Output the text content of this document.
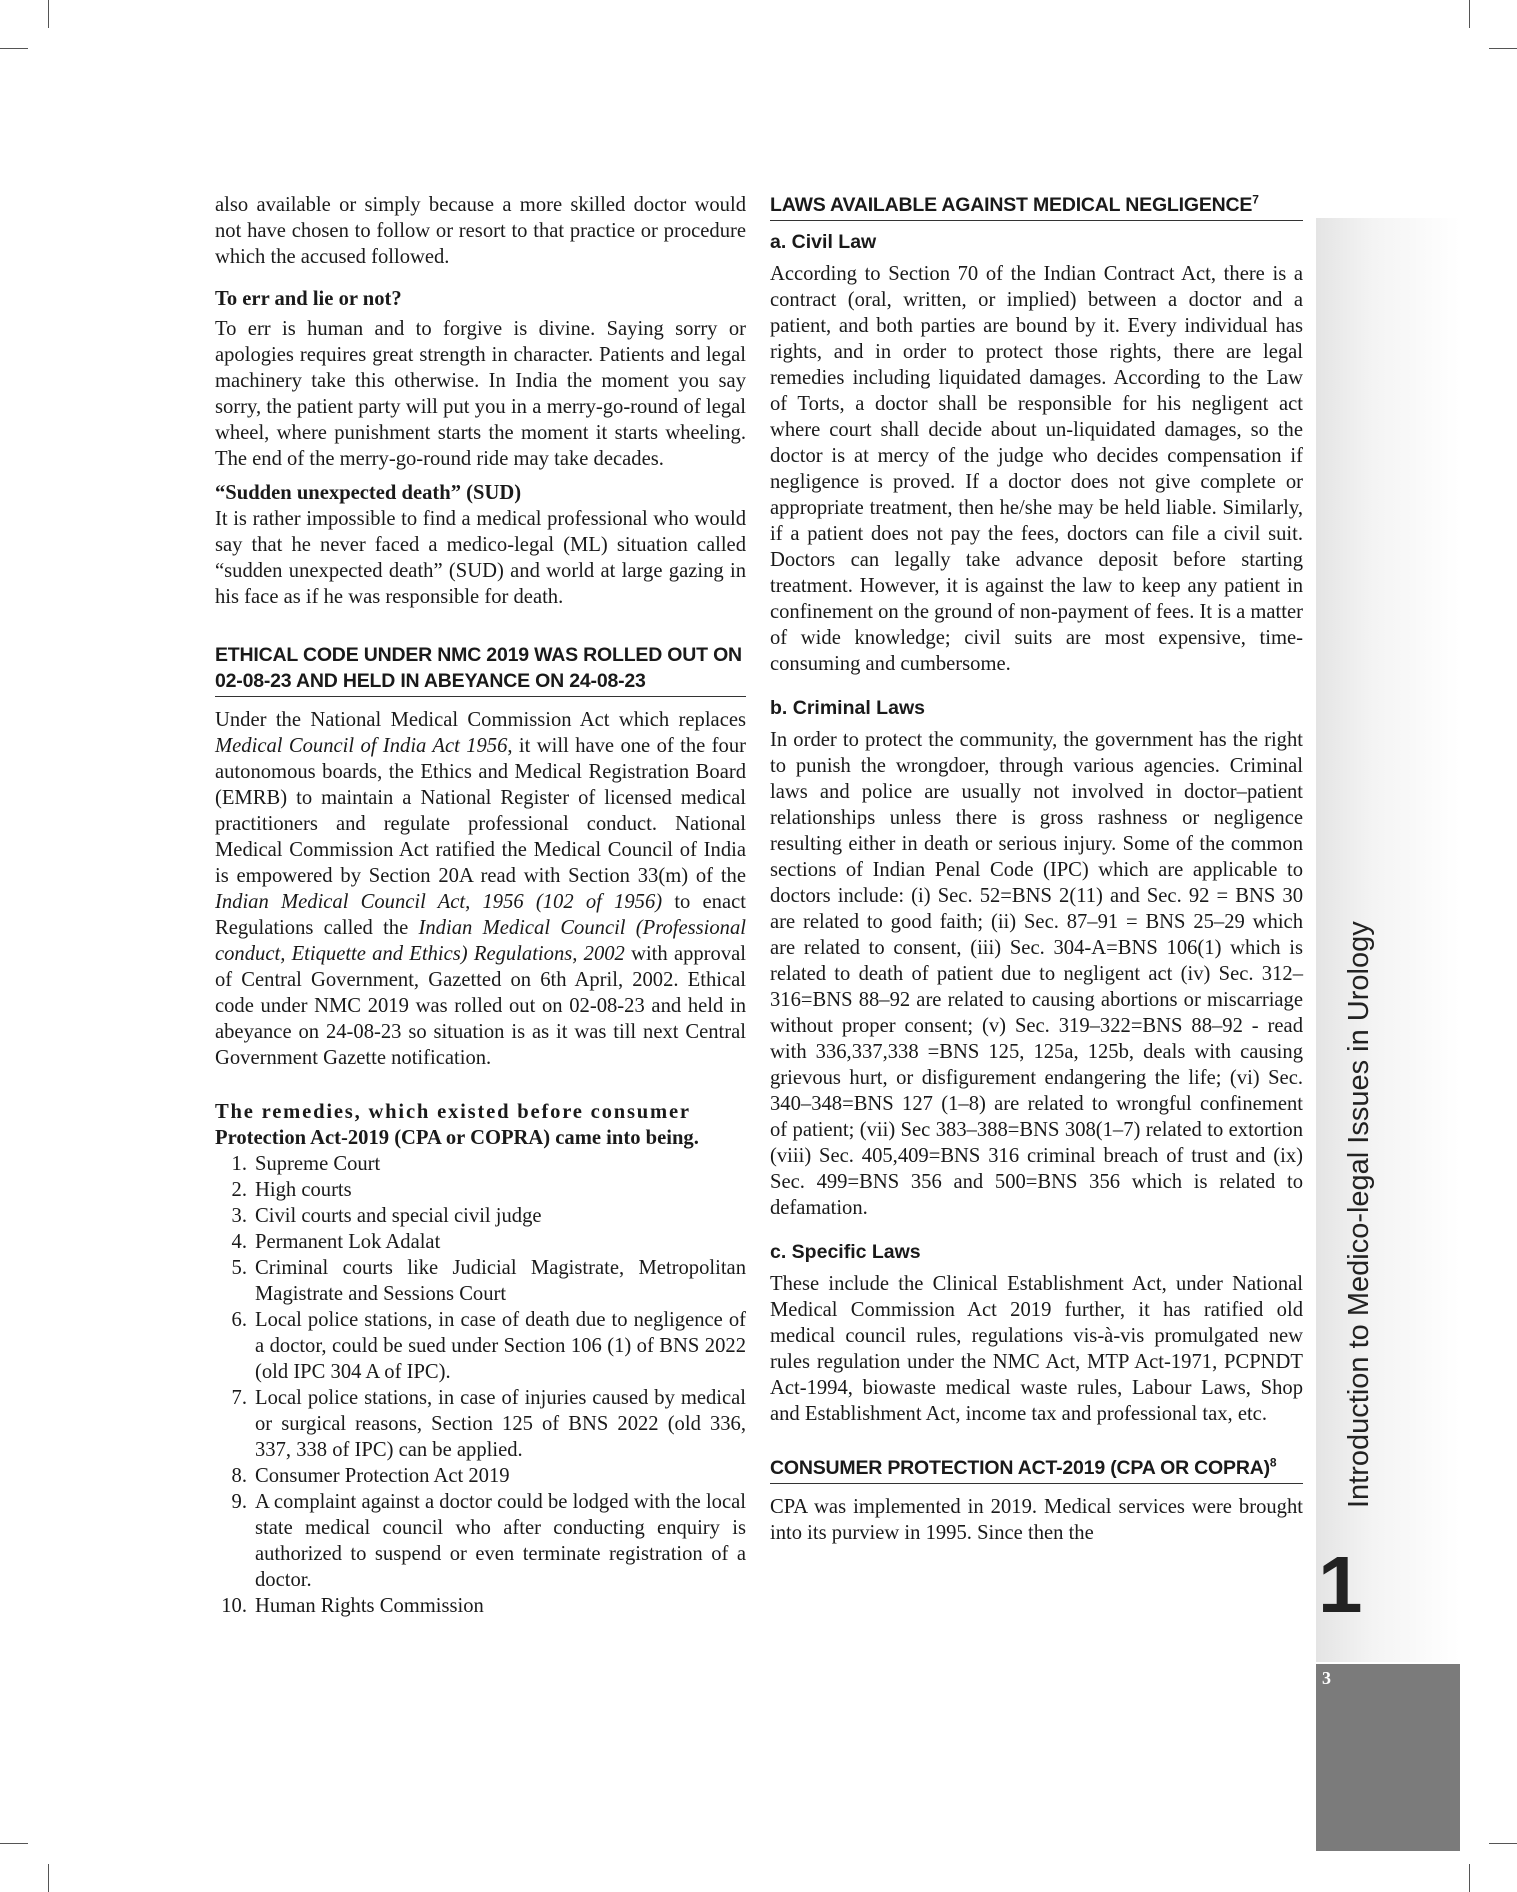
Introduction to Medico-legal Issues in Urology
1
3

also available or simply because a more skilled doctor would not have chosen to follow or resort to that practice or procedure which the accused followed.

To err and lie or not?

To err is human and to forgive is divine. Saying sorry or apologies requires great strength in character. Patients and legal machinery take this otherwise. In India the moment you say sorry, the patient party will put you in a merry-go-round of legal wheel, where punishment starts the moment it starts wheeling. The end of the merry-go-round ride may take decades.

“Sudden unexpected death” (SUD)

It is rather impossible to find a medical professional who would say that he never faced a medico-legal (ML) situation called “sudden unexpected death” (SUD) and world at large gazing in his face as if he was responsible for death.

ETHICAL CODE UNDER NMC 2019 WAS ROLLED OUT ON 02-08-23 AND HELD IN ABEYANCE ON 24-08-23

Under the National Medical Commission Act which replaces Medical Council of India Act 1956, it will have one of the four autonomous boards, the Ethics and Medical Registration Board (EMRB) to maintain a National Register of licensed medical practitioners and regulate professional conduct. National Medical Commission Act ratified the Medical Council of India is empowered by Section 20A read with Section 33(m) of the Indian Medical Council Act, 1956 (102 of 1956) to enact Regulations called the Indian Medical Council (Professional conduct, Etiquette and Ethics) Regulations, 2002 with approval of Central Government, Gazetted on 6th April, 2002. Ethical code under NMC 2019 was rolled out on 02-08-23 and held in abeyance on 24-08-23 so situation is as it was till next Central Government Gazette notification.

The remedies, which existed before consumer
Protection Act-2019 (CPA or COPRA) came into being.
1. Supreme Court
2. High courts
3. Civil courts and special civil judge
4. Permanent Lok Adalat
5. Criminal courts like Judicial Magistrate, Metropolitan Magistrate and Sessions Court
6. Local police stations, in case of death due to negligence of a doctor, could be sued under Section 106 (1) of BNS 2022 (old IPC 304 A of IPC).
7. Local police stations, in case of injuries caused by medical or surgical reasons, Section 125 of BNS 2022 (old 336, 337, 338 of IPC) can be applied.
8. Consumer Protection Act 2019
9. A complaint against a doctor could be lodged with the local state medical council who after conducting enquiry is authorized to suspend or even terminate registration of a doctor.
10. Human Rights Commission
LAWS AVAILABLE AGAINST MEDICAL NEGLIGENCE$^7$
a. Civil Law

According to Section 70 of the Indian Contract Act, there is a contract (oral, written, or implied) between a doctor and a patient, and both parties are bound by it. Every individual has rights, and in order to protect those rights, there are legal remedies including liquidated damages. According to the Law of Torts, a doctor shall be responsible for his negligent act where court shall decide about un-liquidated damages, so the doctor is at mercy of the judge who decides compensation if negligence is proved. If a doctor does not give complete or appropriate treatment, then he/she may be held liable. Similarly, if a patient does not pay the fees, doctors can file a civil suit. Doctors can legally take advance deposit before starting treatment. However, it is against the law to keep any patient in confinement on the ground of non-payment of fees. It is a matter of wide knowledge; civil suits are most expensive, time-consuming and cumbersome.

b. Criminal Laws

In order to protect the community, the government has the right to punish the wrongdoer, through various agencies. Criminal laws and police are usually not involved in doctor–patient relationships unless there is gross rashness or negligence resulting either in death or serious injury. Some of the common sections of Indian Penal Code (IPC) which are applicable to doctors include: (i) Sec. 52=BNS 2(11) and Sec. 92 = BNS 30 are related to good faith; (ii) Sec. 87–91 = BNS 25–29 which are related to consent, (iii) Sec. 304-A=BNS 106(1) which is related to death of patient due to negligent act (iv) Sec. 312–316=BNS 88–92 are related to causing abortions or miscarriage without proper consent; (v) Sec. 319–322=BNS 88–92 - read with 336,337,338 =BNS 125, 125a, 125b, deals with causing grievous hurt, or disfigurement endangering the life; (vi) Sec. 340–348=BNS 127 (1–8) are related to wrongful confinement of patient; (vii) Sec 383–388=BNS 308(1–7) related to extortion (viii) Sec. 405,409=BNS 316 criminal breach of trust and (ix) Sec. 499=BNS 356 and 500=BNS 356 which is related to defamation.

c. Specific Laws

These include the Clinical Establishment Act, under National Medical Commission Act 2019 further, it has ratified old medical council rules, regulations vis-à-vis promulgated new rules regulation under the NMC Act, MTP Act-1971, PCPNDT Act-1994, biowaste medical waste rules, Labour Laws, Shop and Establishment Act, income tax and professional tax, etc.

CONSUMER PROTECTION ACT-2019 (CPA OR COPRA)$^8$

CPA was implemented in 2019. Medical services were brought into its purview in 1995. Since then the
